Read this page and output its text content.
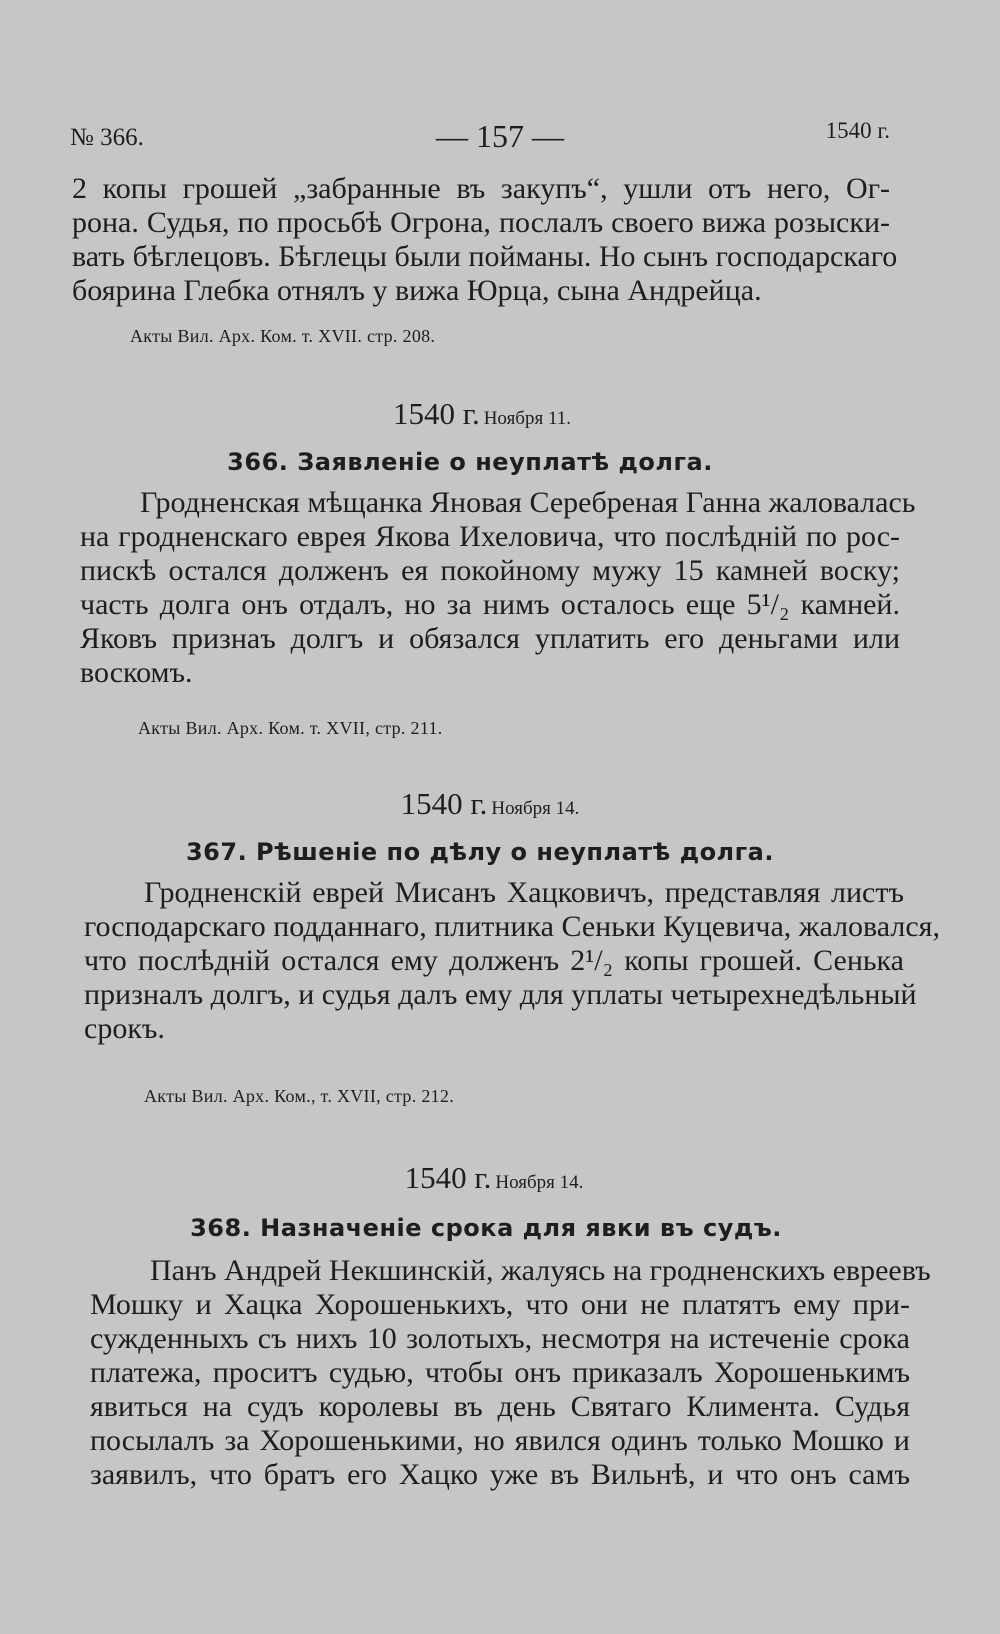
№ 366.	— 157 —	1540 г.
2 копы грошей „забранные въ закупъ“, ушли отъ него, Ог-
рона. Судья, по просьбѣ Огрона, послалъ своего вижа розыски-
вать бѣглецовъ. Бѣглецы были пойманы. Но сынъ господарскаго
боярина Глебка отнялъ у вижа Юрца, сына Андрейца.
Акты Вил. Арх. Ком. т. XVII. стр. 208.
1540 г. Ноября 11.
366. Заявленіе о неуплатѣ долга.
Гродненская мѣщанка Яновая Серебреная Ганна жаловалась
на гродненскаго еврея Якова Ихеловича, что послѣдній по рос-
пискѣ остался долженъ ея покойному мужу 15 камней воску;
часть долга онъ отдалъ, но за нимъ осталось еще 5¹/₂ камней.
Яковъ признаъ долгъ и обязался уплатить его деньгами или
воскомъ.
Акты Вил. Арх. Ком. т. XVII, стр. 211.
1540 г. Ноября 14.
367. Рѣшеніе по дѣлу о неуплатѣ долга.
Гродненскій еврей Мисанъ Хацковичъ, представляя листъ
господарскаго подданнаго, плитника Сеньки Куцевича, жаловался,
что послѣдній остался ему долженъ 2¹/₂ копы грошей. Сенька
призналъ долгъ, и судья далъ ему для уплаты четырехнедѣльный
срокъ.
Акты Вил. Арх. Ком., т. XVII, стр. 212.
1540 г. Ноября 14.
368. Назначеніе срока для явки въ судъ.
Панъ Андрей Некшинскій, жалуясь на гродненскихъ евреевъ
Мошку и Хацка Хорошенькихъ, что они не платятъ ему при-
сужденныхъ съ нихъ 10 золотыхъ, несмотря на истеченіе срока
платежа, проситъ судью, чтобы онъ приказалъ Хорошенькимъ
явиться на судъ королевы въ день Святаго Климента. Судья
посылалъ за Хорошенькими, но явился одинъ только Мошко и
заявилъ, что братъ его Хацко уже въ Вильнѣ, и что онъ самъ
